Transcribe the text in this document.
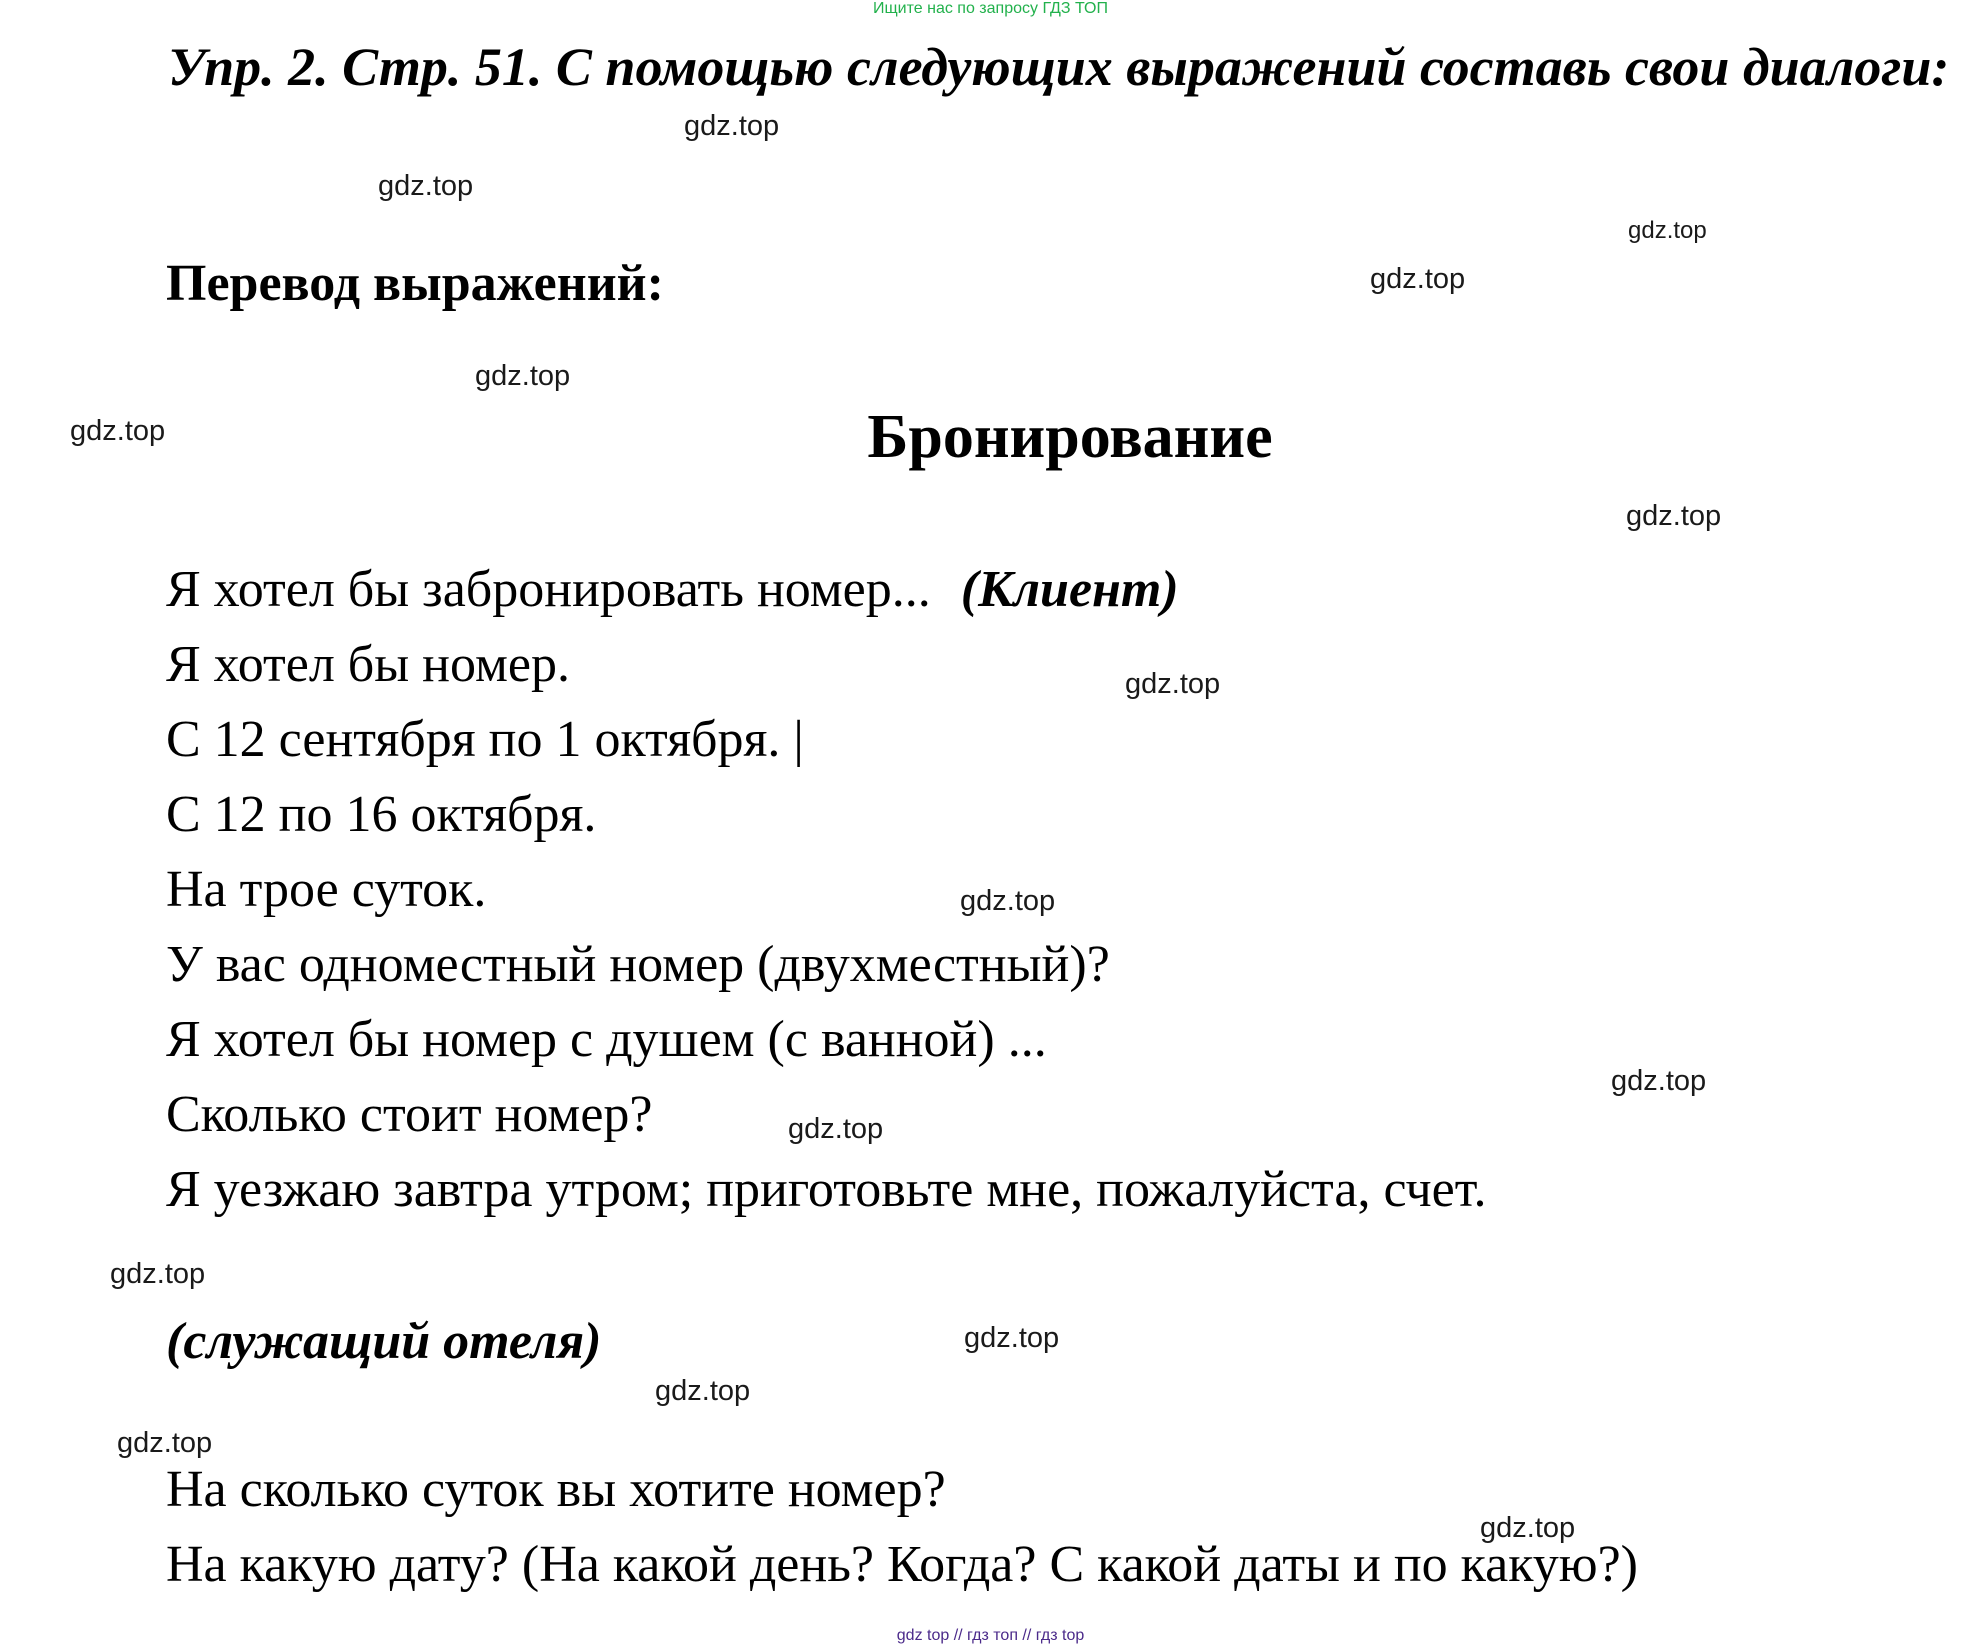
Ищите нас по запросу ГДЗ ТОП
Упр. 2. Стр. 51. С помощью следующих выражений составь свои диалоги:
Перевод выражений:
Бронирование
Я хотел бы забронировать номер... (Клиент)
Я хотел бы номер.
С 12 сентября по 1 октября. |
С 12 по 16 октября.
На трое суток.
У вас одноместный номер (двухместный)?
Я хотел бы номер с душем (с ванной) ...
Сколько стоит номер?
Я уезжаю завтра утром; приготовьте мне, пожалуйста, счет.
(служащий отеля)
На сколько суток вы хотите номер?
На какую дату? (На какой день? Когда? С какой даты и по какую?)
gdz.top
gdz.top
gdz.top
gdz.top
gdz.top
gdz.top
gdz.top
gdz.top
gdz.top
gdz.top
gdz.top
gdz.top
gdz.top
gdz.top
gdz.top
gdz.top
gdz top // гдз топ // гдз top
